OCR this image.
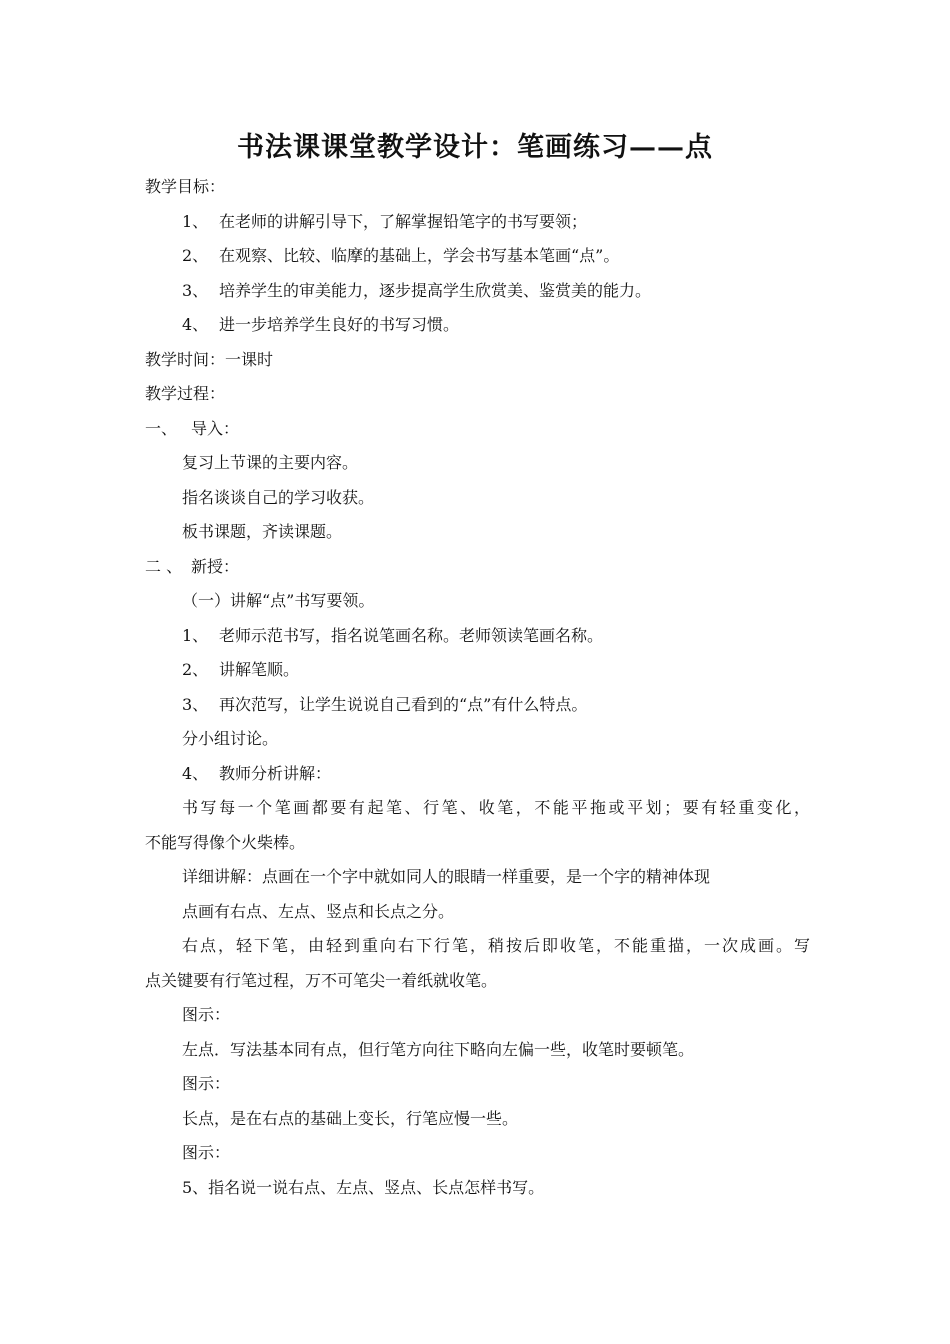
书法课课堂教学设计：笔画练习——点
教学目标：
1、 在老师的讲解引导下，了解掌握铅笔字的书写要领；
2、 在观察、比较、临摩的基础上，学会书写基本笔画“点”。
3、 培养学生的审美能力，逐步提高学生欣赏美、鉴赏美的能力。
4、 进一步培养学生良好的书写习惯。
教学时间：一课时
教学过程：
一、 导入：
复习上节课的主要内容。
指名谈谈自己的学习收获。
板书课题，齐读课题。
二 、 新授：
（一）讲解“点”书写要领。
1、 老师示范书写，指名说笔画名称。老师领读笔画名称。
2、 讲解笔顺。
3、 再次范写，让学生说说自己看到的“点”有什么特点。
分小组讨论。
4、 教师分析讲解：
书写每一个笔画都要有起笔、行笔、收笔，不能平拖或平划；要有轻重变化，
不能写得像个火柴棒。
详细讲解：点画在一个字中就如同人的眼睛一样重要，是一个字的精神体现
点画有右点、左点、竖点和长点之分。
右点，轻下笔，由轻到重向右下行笔，稍按后即收笔，不能重描，一次成画。写
点关键要有行笔过程，万不可笔尖一着纸就收笔。
图示：
左点．写法基本同有点，但行笔方向往下略向左偏一些，收笔时要顿笔。
图示：
长点，是在右点的基础上变长，行笔应慢一些。
图示：
5、指名说一说右点、左点、竖点、长点怎样书写。
